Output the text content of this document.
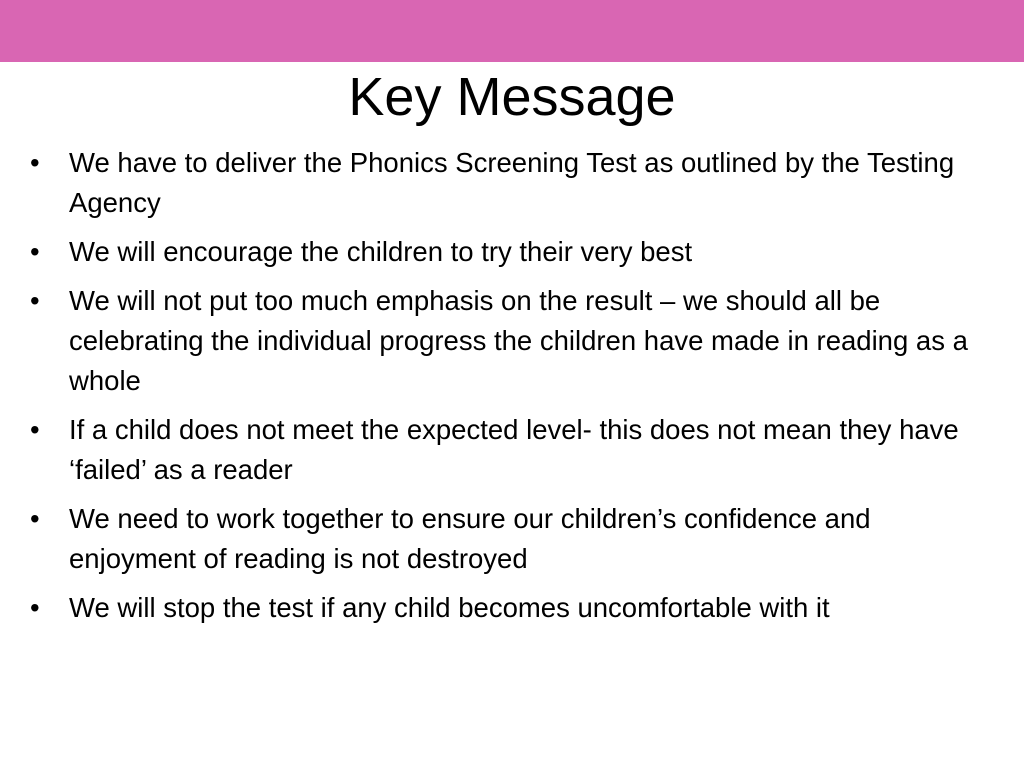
Key Message
•	We have to deliver the Phonics Screening Test as outlined by the Testing Agency
•	We will encourage the children to try their very best
•	We will not put too much emphasis on the result – we should all be celebrating the individual progress the children have made in reading as a whole
•	If a child does not meet the expected level- this does not mean they have ‘failed’ as a reader
•	We need to work together to ensure our children’s confidence and enjoyment of reading is not destroyed
•	We will stop the test if any child becomes uncomfortable with it
